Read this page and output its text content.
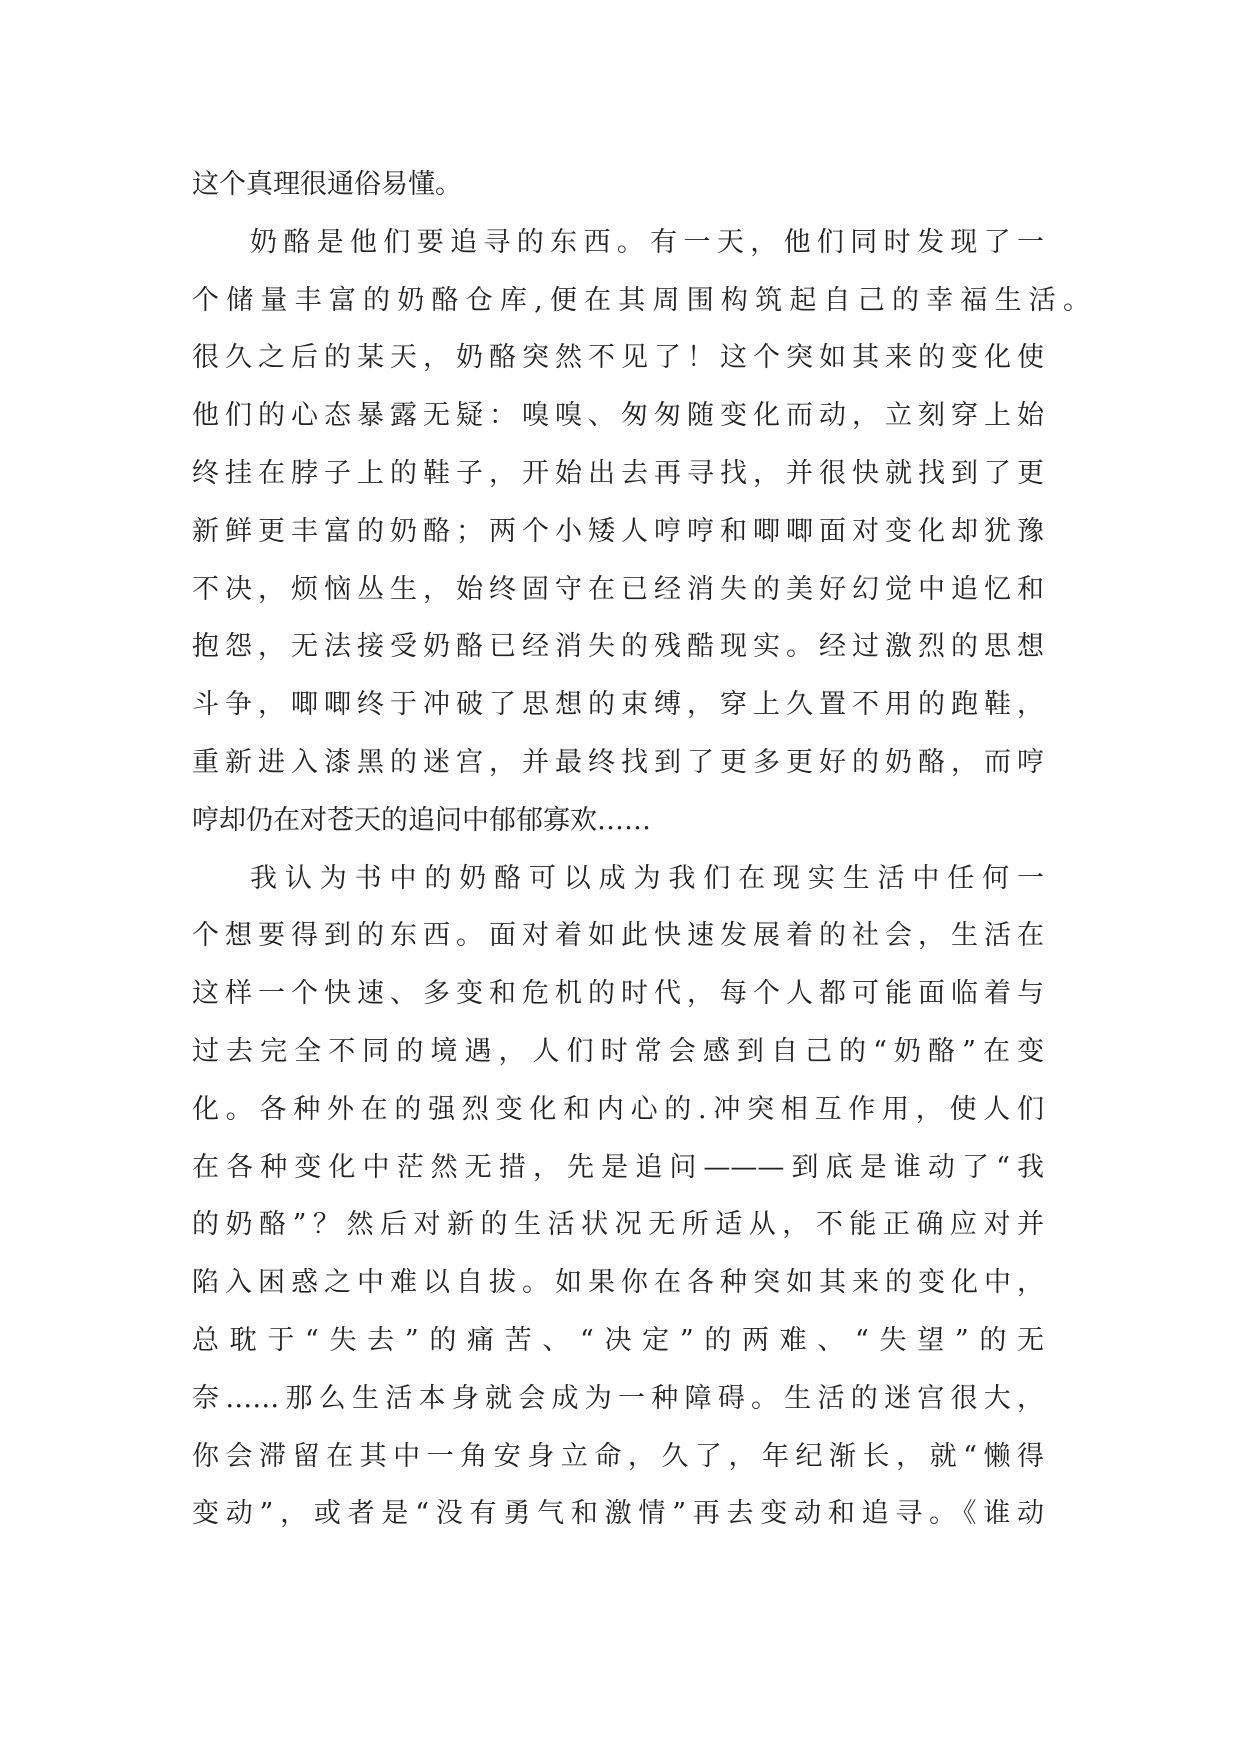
这个真理很通俗易懂。
奶酪是他们要追寻的东西。有一天，他们同时发现了一
个储量丰富的奶酪仓库,便在其周围构筑起自己的幸福生活。
很久之后的某天，奶酪突然不见了！这个突如其来的变化使
他们的心态暴露无疑：嗅嗅、匆匆随变化而动，立刻穿上始
终挂在脖子上的鞋子，开始出去再寻找，并很快就找到了更
新鲜更丰富的奶酪；两个小矮人哼哼和唧唧面对变化却犹豫
不决，烦恼丛生，始终固守在已经消失的美好幻觉中追忆和
抱怨，无法接受奶酪已经消失的残酷现实。经过激烈的思想
斗争，唧唧终于冲破了思想的束缚，穿上久置不用的跑鞋，
重新进入漆黑的迷宫，并最终找到了更多更好的奶酪，而哼
哼却仍在对苍天的追问中郁郁寡欢……
我认为书中的奶酪可以成为我们在现实生活中任何一
个想要得到的东西。面对着如此快速发展着的社会，生活在
这样一个快速、多变和危机的时代，每个人都可能面临着与
过去完全不同的境遇，人们时常会感到自己的“奶酪”在变
化。各种外在的强烈变化和内心的.冲突相互作用，使人们
在各种变化中茫然无措，先是追问———到底是谁动了“我
的奶酪”？然后对新的生活状况无所适从，不能正确应对并
陷入困惑之中难以自拔。如果你在各种突如其来的变化中，
总耽于“失去”的痛苦、“决定”的两难、“失望”的无
奈……那么生活本身就会成为一种障碍。生活的迷宫很大，
你会滞留在其中一角安身立命，久了，年纪渐长，就“懒得
变动”，或者是“没有勇气和激情”再去变动和追寻。《谁动
